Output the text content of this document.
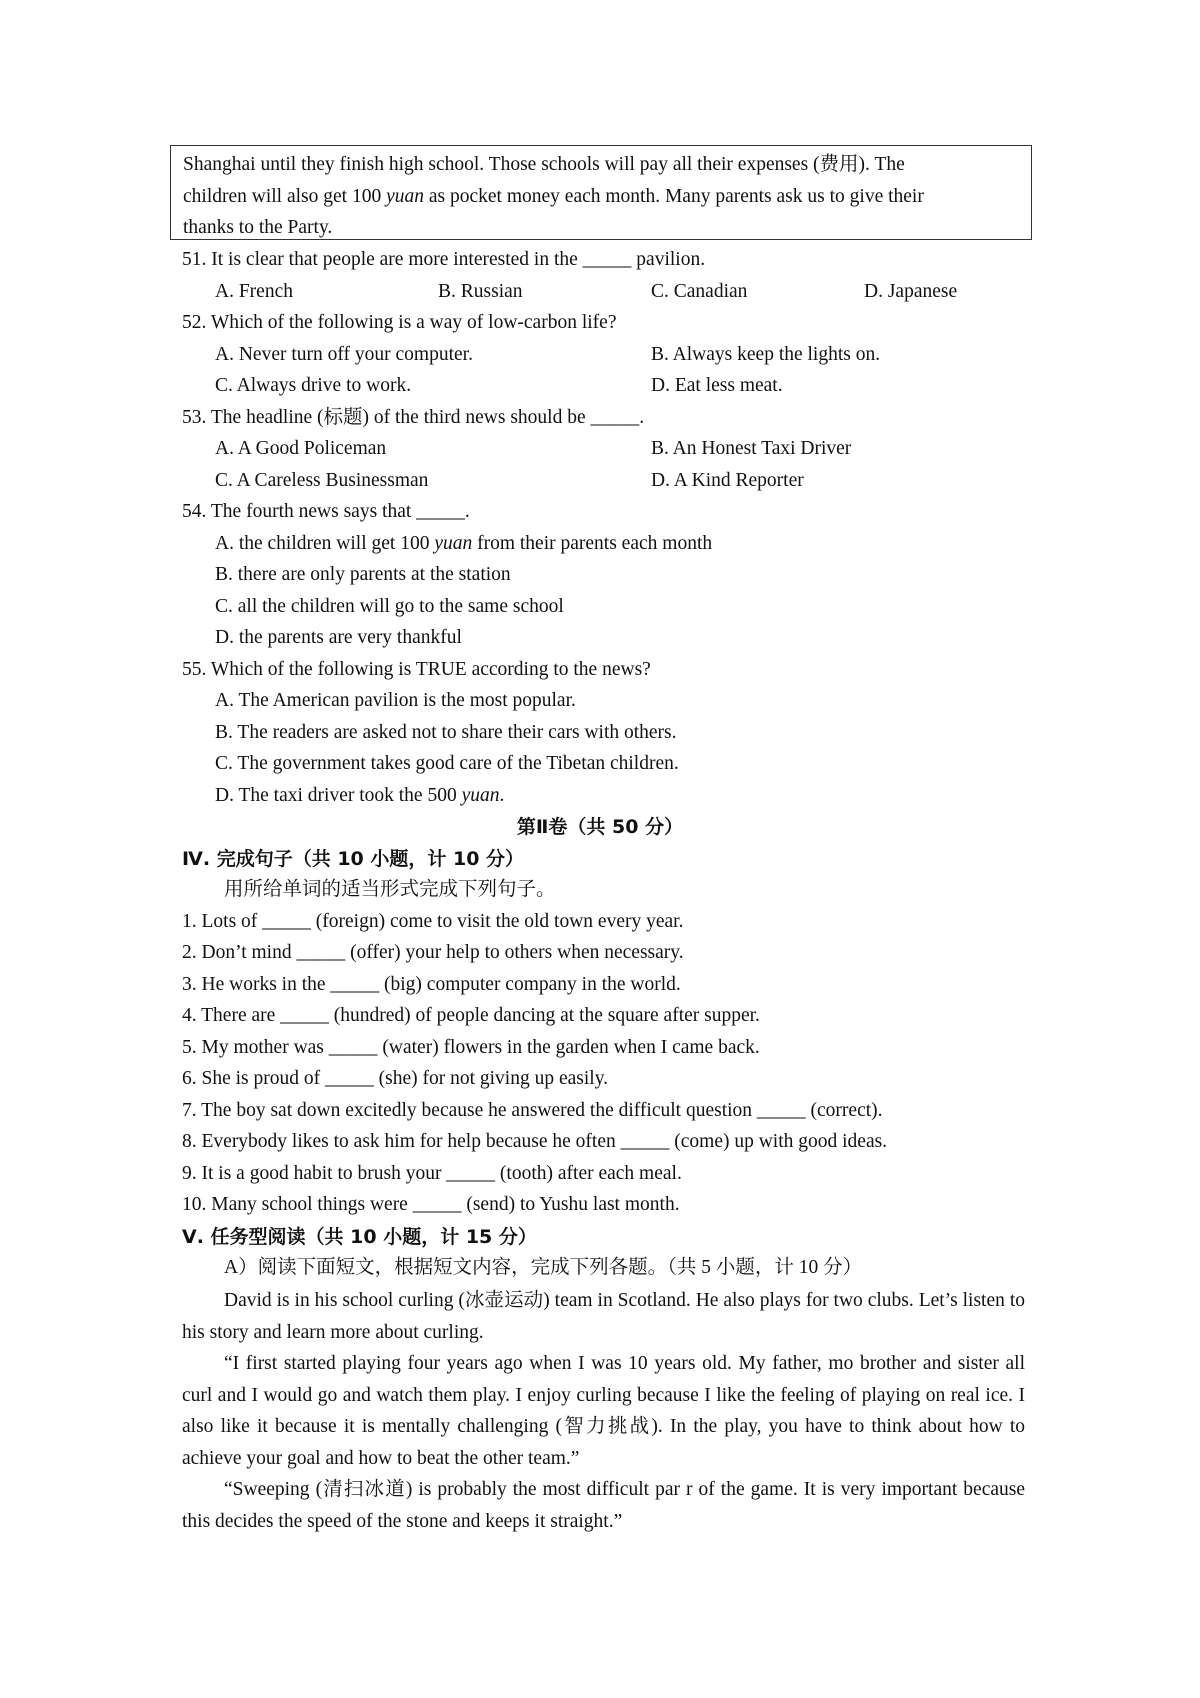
Shanghai until they finish high school. Those schools will pay all their expenses (费用). The

children will also get 100 yuan as pocket money each month. Many parents ask us to give their

thanks to the Party.

51. It is clear that people are more interested in the _____ pavilion.
A. French	B. Russian	C. Canadian	D. Japanese
52. Which of the following is a way of low-carbon life?
A. Never turn off your computer.	B. Always keep the lights on.
C. Always drive to work.	D. Eat less meat.
53. The headline (标题) of the third news should be _____.
A. A Good Policeman	B. An Honest Taxi Driver
C. A Careless Businessman	D. A Kind Reporter
54. The fourth news says that _____.
A. the children will get 100 yuan from their parents each month
B. there are only parents at the station
C. all the children will go to the same school
D. the parents are very thankful
55. Which of the following is TRUE according to the news?
A. The American pavilion is the most popular.
B. The readers are asked not to share their cars with others.
C. The government takes good care of the Tibetan children.
D. The taxi driver took the 500 yuan.
第Ⅱ卷（共 50 分）
Ⅳ. 完成句子（共 10 小题，计 10 分）
用所给单词的适当形式完成下列句子。
1. Lots of _____ (foreign) come to visit the old town every year.
2. Don’t mind _____ (offer) your help to others when necessary.
3. He works in the _____ (big) computer company in the world.
4. There are _____ (hundred) of people dancing at the square after supper.
5. My mother was _____ (water) flowers in the garden when I came back.
6. She is proud of _____ (she) for not giving up easily.
7. The boy sat down excitedly because he answered the difficult question _____ (correct).
8. Everybody likes to ask him for help because he often _____ (come) up with good ideas.
9. It is a good habit to brush your _____ (tooth) after each meal.
10. Many school things were _____ (send) to Yushu last month.
Ⅴ. 任务型阅读（共 10 小题，计 15 分）
A）阅读下面短文，根据短文内容，完成下列各题。（共 5 小题，计 10 分）
David is in his school curling (冰壶运动) team in Scotland. He also plays for two clubs. Let’s listen to his story and learn more about curling.
“I first started playing four years ago when I was 10 years old. My father, mo brother and sister all curl and I would go and watch them play. I enjoy curling because I like the feeling of playing on real ice. I also like it because it is mentally challenging (智力挑战). In the play, you have to think about how to achieve your goal and how to beat the other team.”
“Sweeping (清扫冰道) is probably the most difficult par r of the game. It is very important because this decides the speed of the stone and keeps it straight.”
